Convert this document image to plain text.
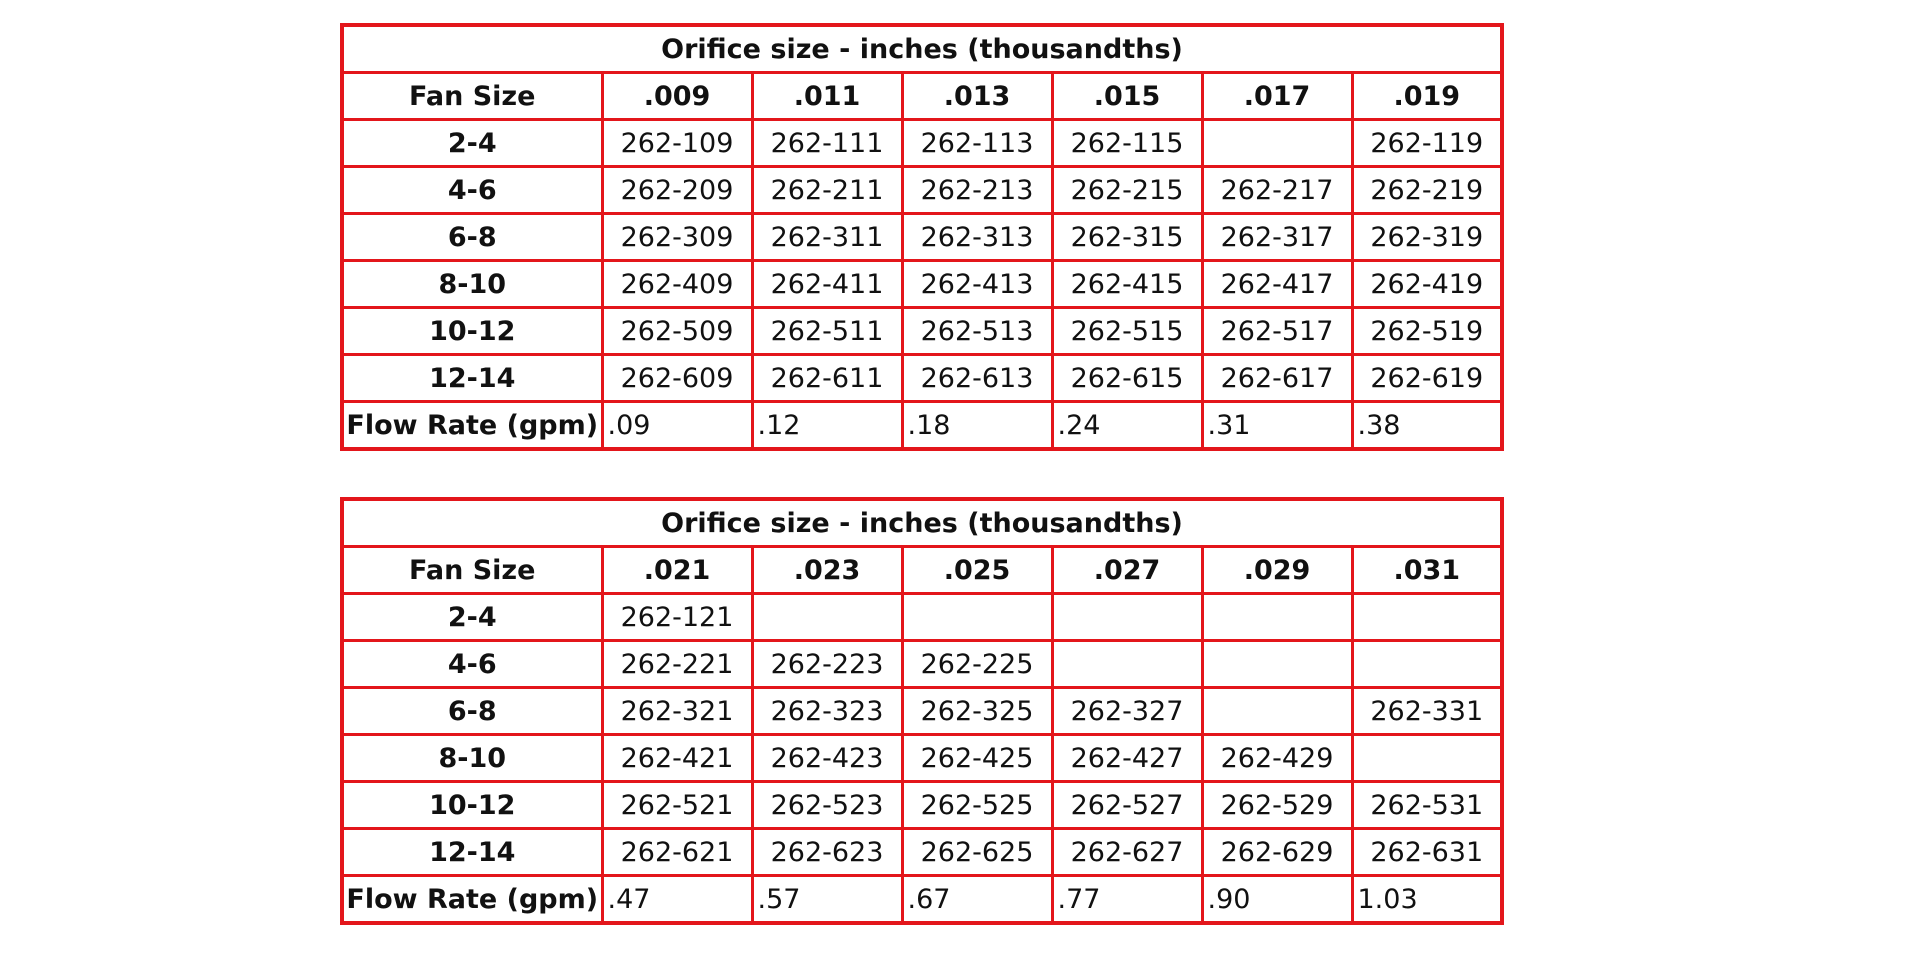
Orifice size - inches (thousandths)						
Fan Size	.009	.011	.013	.015	.017	.019
2-4	262-109	262-111	262-113	262-115		262-119
4-6	262-209	262-211	262-213	262-215	262-217	262-219
6-8	262-309	262-311	262-313	262-315	262-317	262-319
8-10	262-409	262-411	262-413	262-415	262-417	262-419
10-12	262-509	262-511	262-513	262-515	262-517	262-519
12-14	262-609	262-611	262-613	262-615	262-617	262-619
Flow Rate (gpm)	.09	.12	.18	.24	.31	.38
Orifice size - inches (thousandths)						
Fan Size	.021	.023	.025	.027	.029	.031
2-4	262-121					
4-6	262-221	262-223	262-225			
6-8	262-321	262-323	262-325	262-327		262-331
8-10	262-421	262-423	262-425	262-427	262-429	
10-12	262-521	262-523	262-525	262-527	262-529	262-531
12-14	262-621	262-623	262-625	262-627	262-629	262-631
Flow Rate (gpm)	.47	.57	.67	.77	.90	1.03
